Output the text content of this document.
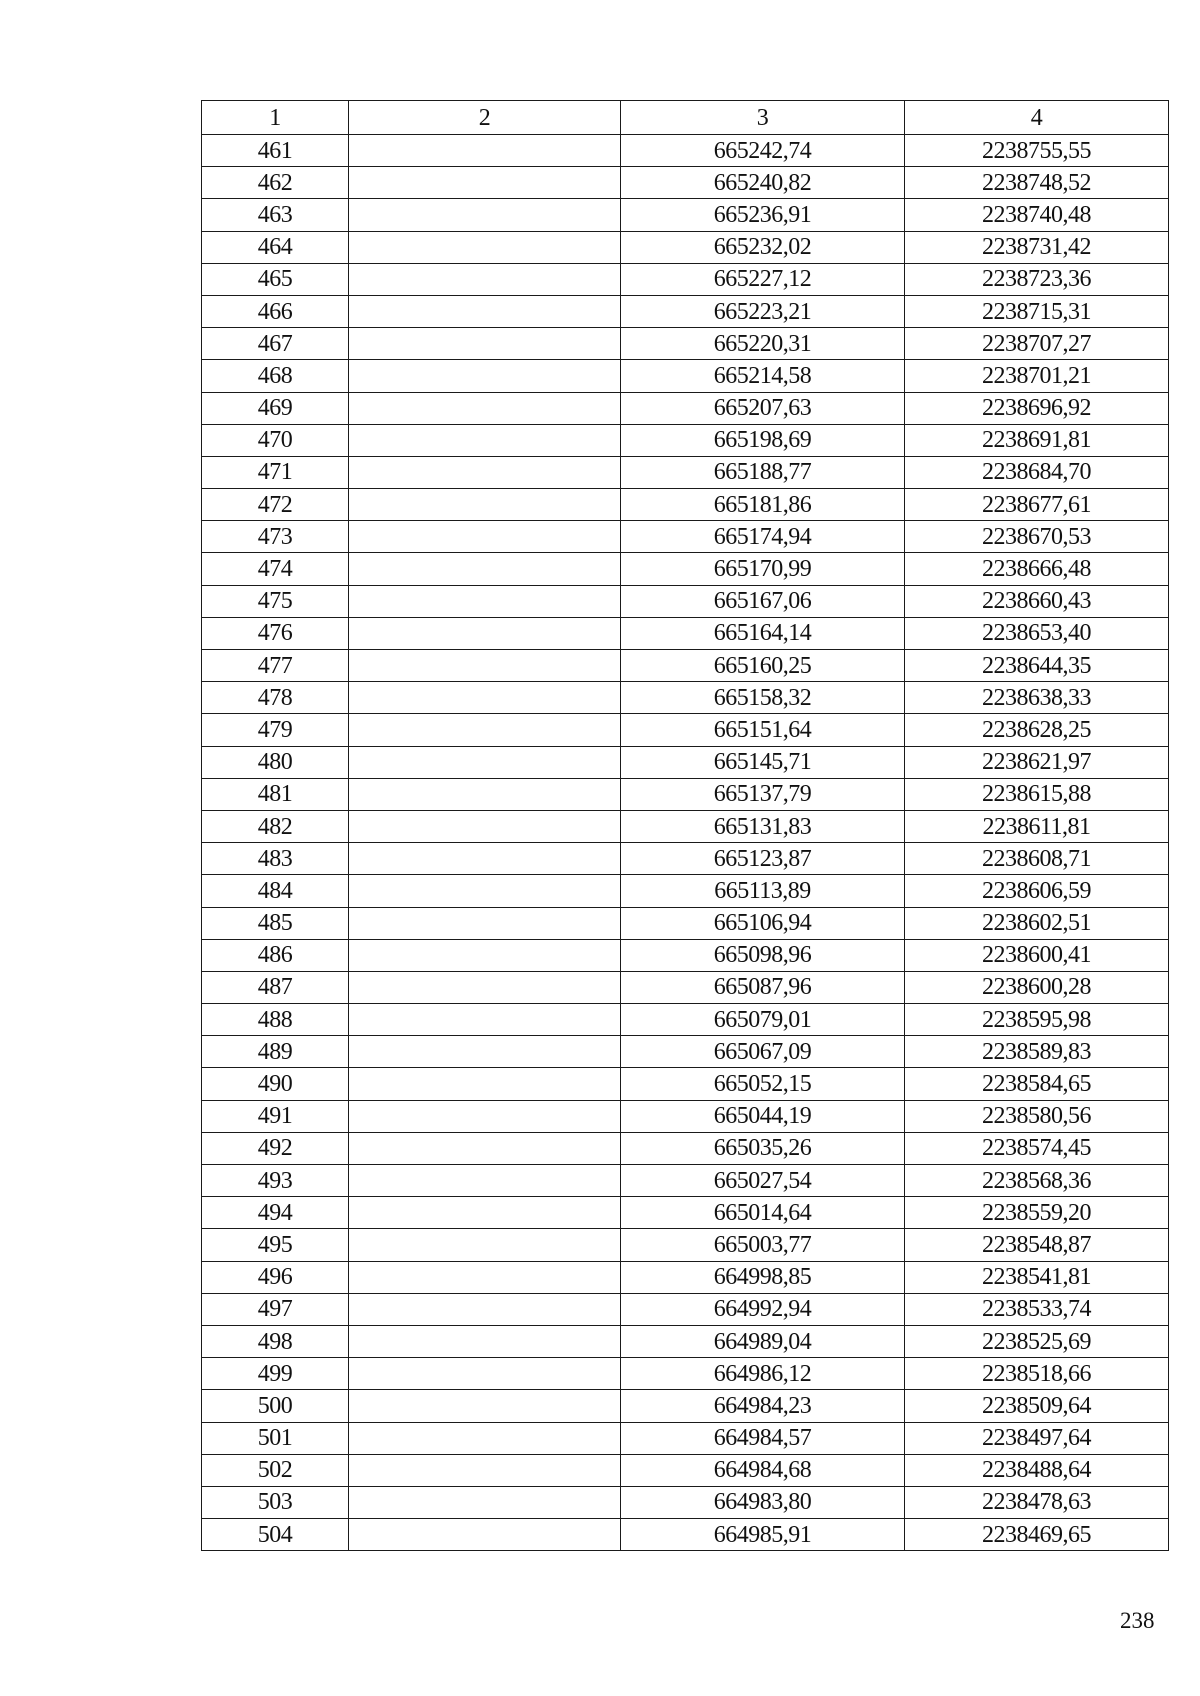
1	2	3	4
461		665242,74	2238755,55
462		665240,82	2238748,52
463		665236,91	2238740,48
464		665232,02	2238731,42
465		665227,12	2238723,36
466		665223,21	2238715,31
467		665220,31	2238707,27
468		665214,58	2238701,21
469		665207,63	2238696,92
470		665198,69	2238691,81
471		665188,77	2238684,70
472		665181,86	2238677,61
473		665174,94	2238670,53
474		665170,99	2238666,48
475		665167,06	2238660,43
476		665164,14	2238653,40
477		665160,25	2238644,35
478		665158,32	2238638,33
479		665151,64	2238628,25
480		665145,71	2238621,97
481		665137,79	2238615,88
482		665131,83	2238611,81
483		665123,87	2238608,71
484		665113,89	2238606,59
485		665106,94	2238602,51
486		665098,96	2238600,41
487		665087,96	2238600,28
488		665079,01	2238595,98
489		665067,09	2238589,83
490		665052,15	2238584,65
491		665044,19	2238580,56
492		665035,26	2238574,45
493		665027,54	2238568,36
494		665014,64	2238559,20
495		665003,77	2238548,87
496		664998,85	2238541,81
497		664992,94	2238533,74
498		664989,04	2238525,69
499		664986,12	2238518,66
500		664984,23	2238509,64
501		664984,57	2238497,64
502		664984,68	2238488,64
503		664983,80	2238478,63
504		664985,91	2238469,65
238
